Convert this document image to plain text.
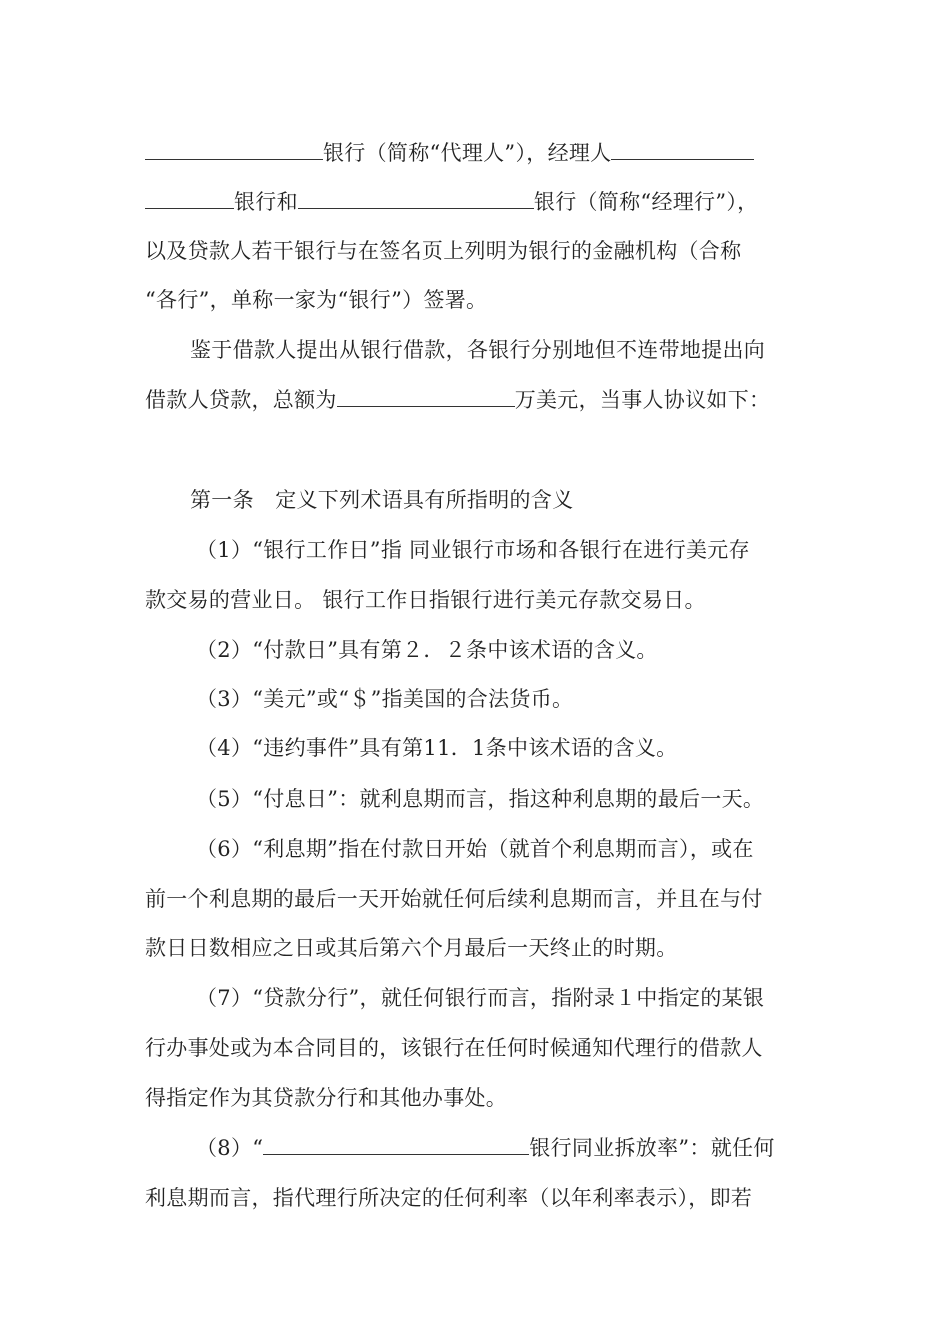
银行（简称“代理人”），经理人
银行和	银行（简称“经理行”），
以及贷款人若干银行与在签名页上列明为银行的金融机构（合称
“各行”，单称一家为“银行”）签署。
鉴于借款人提出从银行借款，各银行分别地但不连带地提出向
借款人贷款，总额为	万美元，当事人协议如下：
第一条　定义下列术语具有所指明的含义
（1）“银行工作日”指 同业银行市场和各银行在进行美元存
款交易的营业日。 银行工作日指银行进行美元存款交易日。
（2）“付款日”具有第２．２条中该术语的含义。
（3）“美元”或“＄”指美国的合法货币。
（4）“违约事件”具有第11．1条中该术语的含义。
（5）“付息日”：就利息期而言，指这种利息期的最后一天。
（6）“利息期”指在付款日开始（就首个利息期而言），或在
前一个利息期的最后一天开始就任何后续利息期而言，并且在与付
款日日数相应之日或其后第六个月最后一天终止的时期。
（7）“贷款分行”，就任何银行而言，指附录１中指定的某银
行办事处或为本合同目的，该银行在任何时候通知代理行的借款人
得指定作为其贷款分行和其他办事处。
（8）“	银行同业拆放率”：就任何
利息期而言，指代理行所决定的任何利率（以年利率表示），即若
